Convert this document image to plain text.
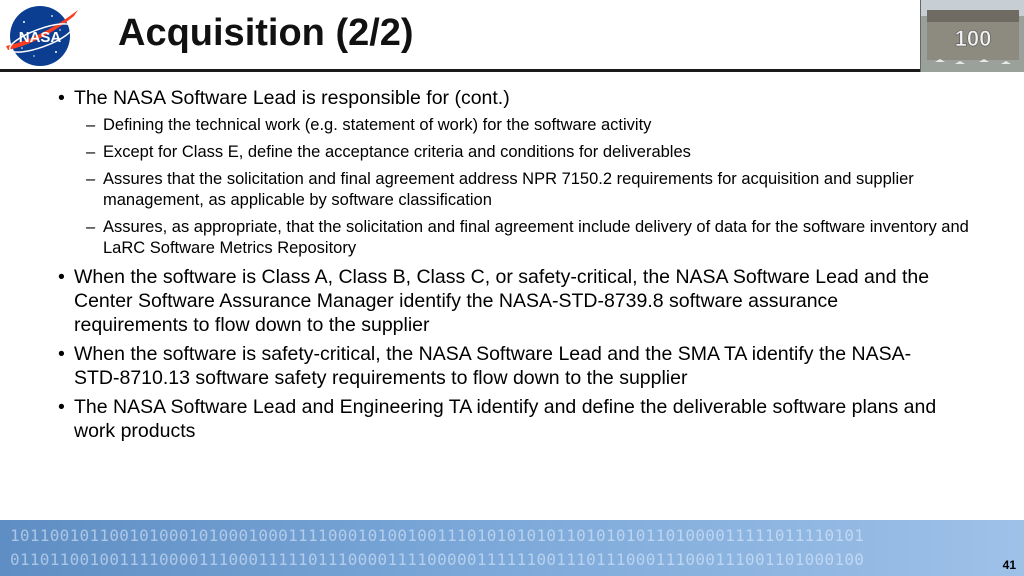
NASA Acquisition (2/2)	100
• The NASA Software Lead is responsible for (cont.)
– Defining the technical work (e.g. statement of work) for the software activity
– Except for Class E, define the acceptance criteria and conditions for deliverables
– Assures that the solicitation and final agreement address NPR 7150.2 requirements for acquisition and supplier management, as applicable by software classification
– Assures, as appropriate, that the solicitation and final agreement include delivery of data for the software inventory and LaRC Software Metrics Repository
• When the software is Class A, Class B, Class C, or safety-critical, the NASA Software Lead and the Center Software Assurance Manager identify the NASA-STD-8739.8 software assurance requirements to flow down to the supplier
• When the software is safety-critical, the NASA Software Lead and the SMA TA identify the NASA-STD-8710.13 software safety requirements to flow down to the supplier
• The NASA Software Lead and Engineering TA identify and define the deliverable software plans and work products
10110010110010100010100010001111000101001001110101010101101010101101000011111011110101
01101100100111100001110001111101110000111100000111111001110111000111000111001101000100	41
